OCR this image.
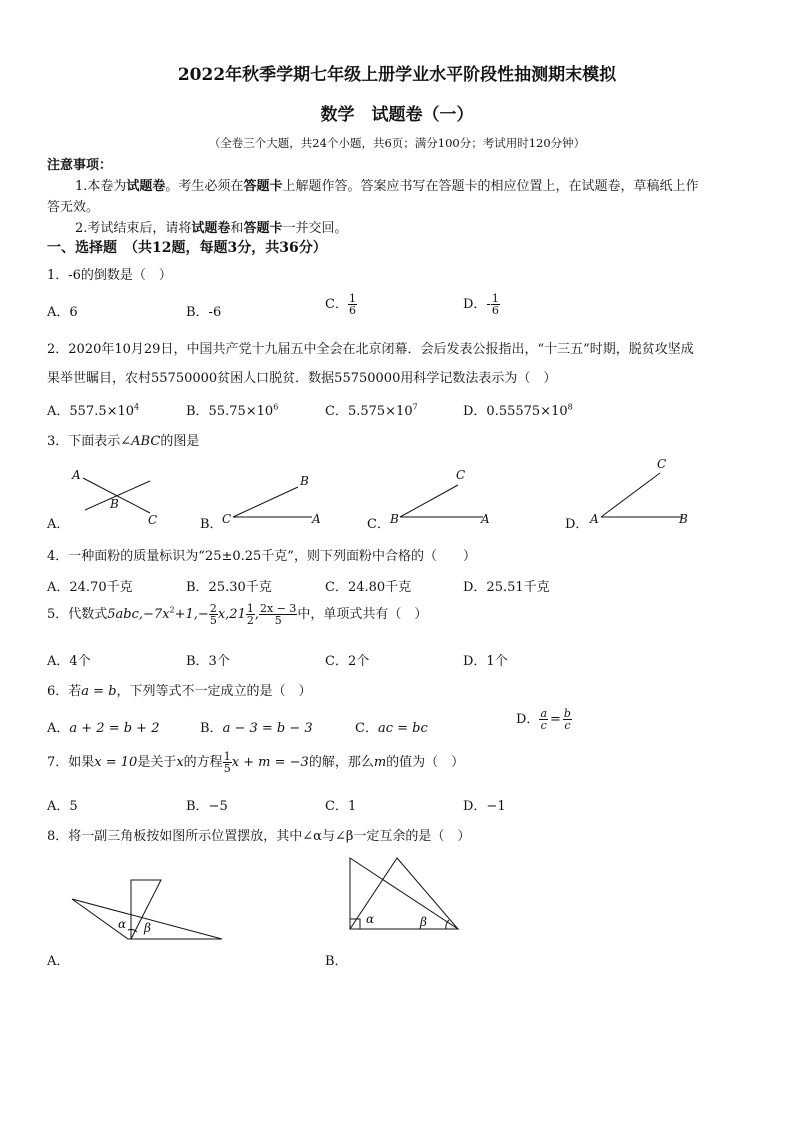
2022年秋季学期七年级上册学业水平阶段性抽测期末模拟
数学　试题卷（一）
（全卷三个大题，共24个小题，共6页；满分100分；考试用时120分钟）
注意事项：
1.本卷为试题卷。考生必须在答题卡上解题作答。答案应书写在答题卡的相应位置上，在试题卷，草稿纸上作
答无效。
2.考试结束后，请将试题卷和答题卡一并交回。
一、选择题　（共12题，每题3分，共36分）
1．-6的倒数是（　）
A．6	B．-6
C． $\frac{1}{6}$	D．- $\frac{1}{6}$
2．2020年10月29日，中国共产党十九届五中全会在北京闭幕．会后发表公报指出，“十三五”时期，脱贫攻坚成
果举世瞩目，农村55750000贫困人口脱贫．数据55750000用科学记数法表示为（　）
A．$557.5\times 10^4$	B．$55.75\times 10^6$	C．$5.575\times 10^7$	D．$0.55575\times 10^8$
3．下面表示∠ABC的图是
A．	B．	C．	D．
A
B
C
B
C	A
C
B	A
C
A	B
4．一种面粉的质量标识为“25±0.25千克”，则下列面粉中合格的（　　）
A．24.70千克	B．25.30千克	C．24.80千克	D．25.51千克
5．代数式$5abc,-7x^2+1,- \frac{2}{5} x,21 \frac{1}{2}$ , $\frac{2x - 3}{5}$ 中，单项式共有（　）
A．4个	B．3个	C．2个	D．1个
6．若a = b，下列等式不一定成立的是（　）
A．a + 2 = b + 2	B．a − 3 = b − 3	C．ac = bc
D． $\frac{a}{c} = \frac{b}{c}$
7．如果x = 10是关于x的方程 $\frac{1}{5}$ x + m = −3的解，那么m的值为（　）
A．5	B．−5	C．1	D．−1
8．将一副三角板按如图所示位置摆放，其中∠α与∠β一定互余的是（　）
α β
α	β
A．	B．
